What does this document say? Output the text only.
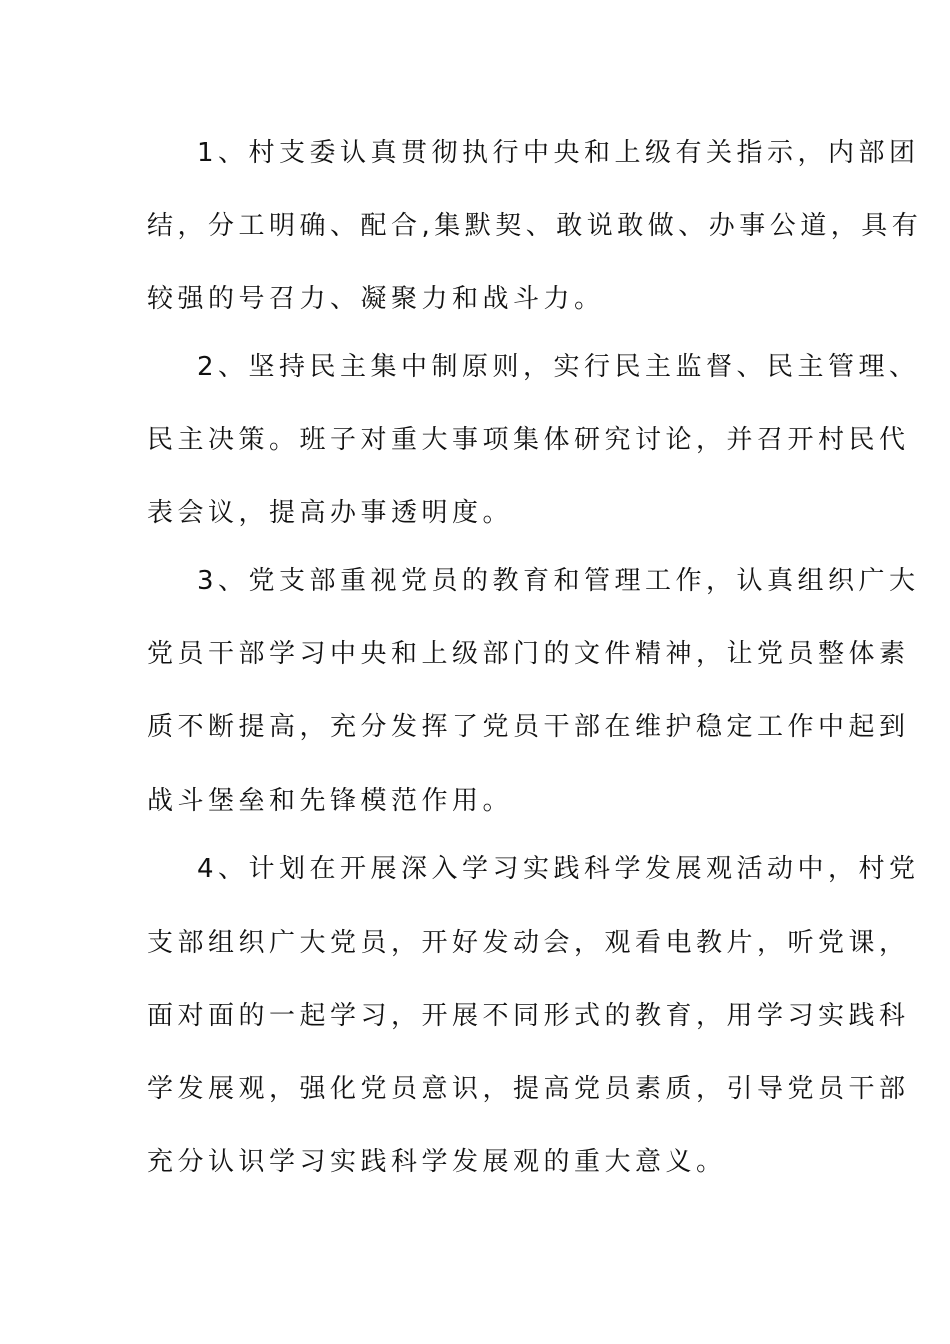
1、村支委认真贯彻执行中央和上级有关指示，内部团
结，分工明确、配合,集默契、敢说敢做、办事公道，具有
较强的号召力、凝聚力和战斗力。
2、坚持民主集中制原则，实行民主监督、民主管理、
民主决策。班子对重大事项集体研究讨论，并召开村民代
表会议，提高办事透明度。
3、党支部重视党员的教育和管理工作，认真组织广大
党员干部学习中央和上级部门的文件精神，让党员整体素
质不断提高，充分发挥了党员干部在维护稳定工作中起到
战斗堡垒和先锋模范作用。
4、计划在开展深入学习实践科学发展观活动中，村党
支部组织广大党员，开好发动会，观看电教片，听党课，
面对面的一起学习，开展不同形式的教育，用学习实践科
学发展观，强化党员意识，提高党员素质，引导党员干部
充分认识学习实践科学发展观的重大意义。
